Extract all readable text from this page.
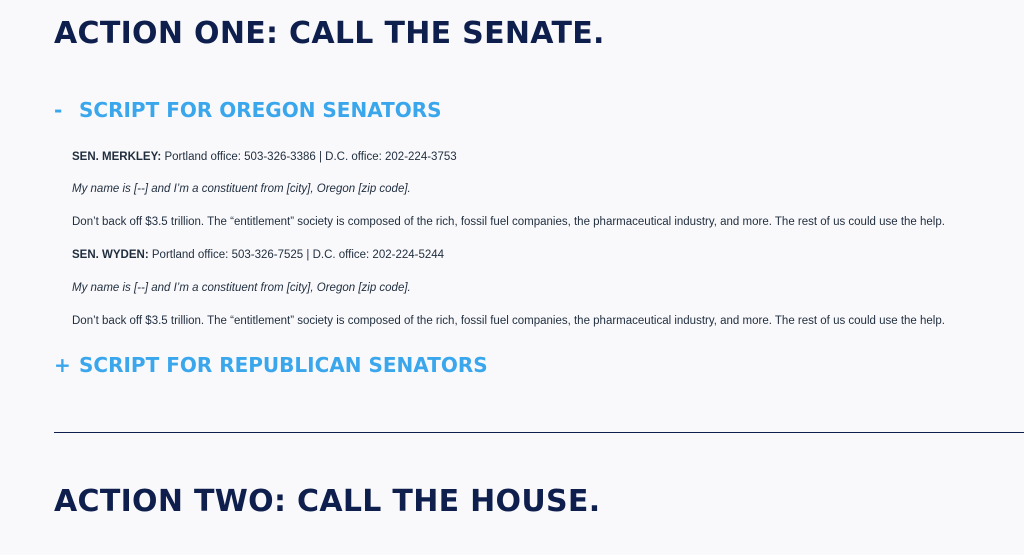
ACTION ONE: CALL THE SENATE.
- SCRIPT FOR OREGON SENATORS

SEN. MERKLEY: Portland office: 503-326-3386 | D.C. office: 202-224-3753

My name is [--] and I’m a constituent from [city], Oregon [zip code].

Don’t back off $3.5 trillion. The “entitlement” society is composed of the rich, fossil fuel companies, the pharmaceutical industry, and more. The rest of us could use the help.

SEN. WYDEN: Portland office: 503-326-7525 | D.C. office: 202-224-5244

My name is [--] and I’m a constituent from [city], Oregon [zip code].

Don’t back off $3.5 trillion. The “entitlement” society is composed of the rich, fossil fuel companies, the pharmaceutical industry, and more. The rest of us could use the help.

+ SCRIPT FOR REPUBLICAN SENATORS
ACTION TWO: CALL THE HOUSE.
